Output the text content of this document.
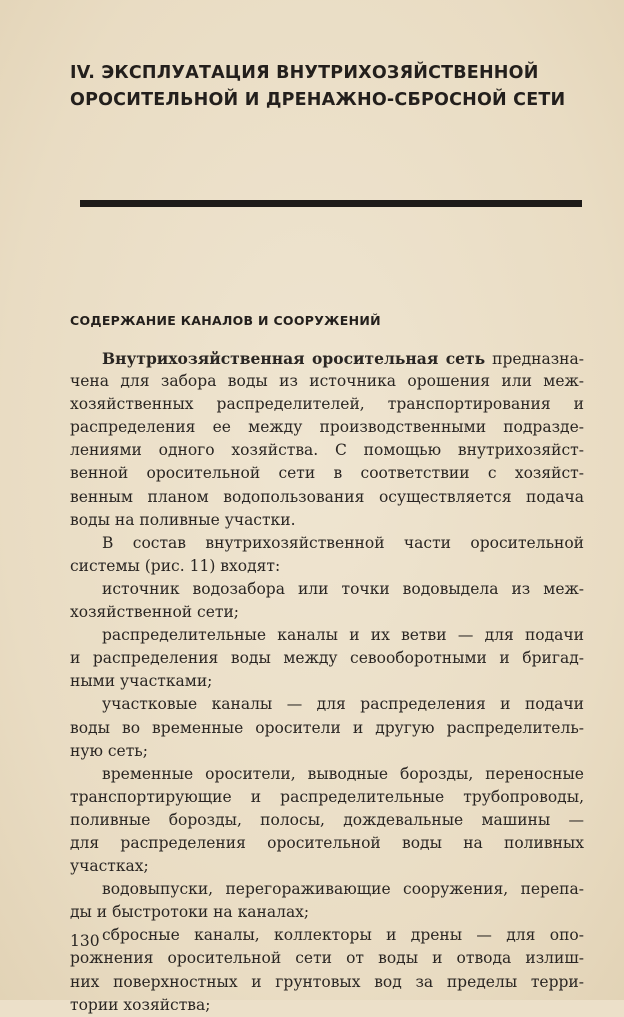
IV. ЭКСПЛУАТАЦИЯ ВНУТРИХОЗЯЙСТВЕННОЙ
ОРОСИТЕЛЬНОЙ И ДРЕНАЖНО-СБРОСНОЙ СЕТИ
СОДЕРЖАНИЕ КАНАЛОВ И СООРУЖЕНИЙ
Внутрихозяйственная оросительная сеть предназна-
чена для забора воды из источника орошения или меж-
хозяйственных распределителей, транспортирования и
распределения ее между производственными подразде-
лениями одного хозяйства. С помощью внутрихозяйст-
венной оросительной сети в соответствии с хозяйст-
венным планом водопользования осуществляется подача
воды на поливные участки.
В состав внутрихозяйственной части оросительной
системы (рис. 11) входят:
источник водозабора или точки водовыдела из меж-
хозяйственной сети;
распределительные каналы и их ветви — для подачи
и распределения воды между севооборотными и бригад-
ными участками;
участковые каналы — для распределения и подачи
воды во временные оросители и другую распределитель-
ную сеть;
временные оросители, выводные борозды, переносные
транспортирующие и распределительные трубопроводы,
поливные борозды, полосы, дождевальные машины —
для распределения оросительной воды на поливных
участках;
водовыпуски, перегораживающие сооружения, перепа-
ды и быстротоки на каналах;
сбросные каналы, коллекторы и дрены — для опо-
рожнения оросительной сети от воды и отвода излиш-
них поверхностных и грунтовых вод за пределы терри-
тории хозяйства;
130
